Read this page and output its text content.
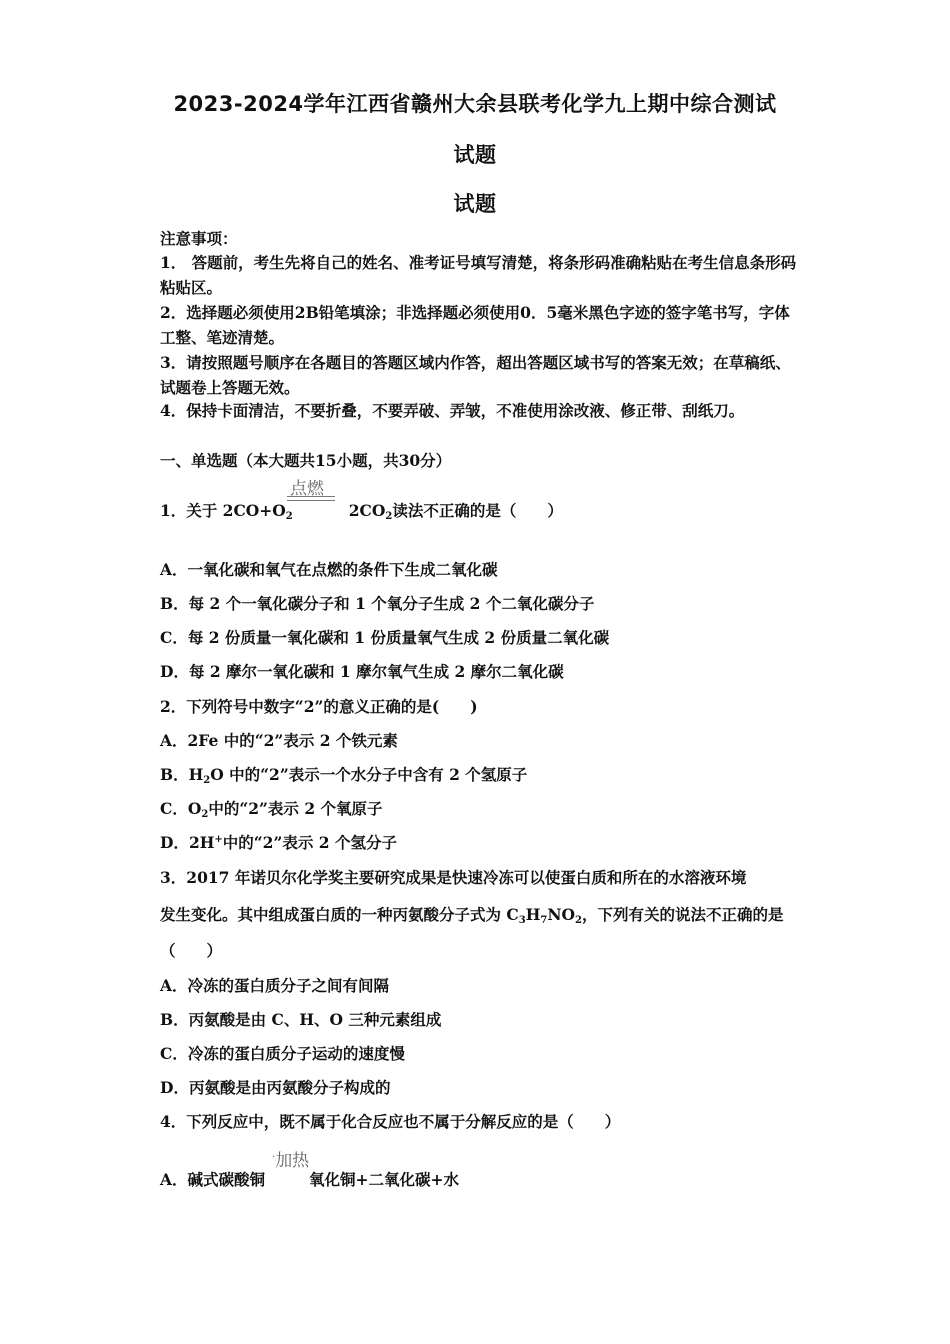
2023-2024学年江西省赣州大余县联考化学九上期中综合测试
试题
试题
注意事项：
1． 答题前，考生先将自己的姓名、准考证号填写清楚，将条形码准确粘贴在考生信息条形码粘贴区。
2．选择题必须使用2B铅笔填涂；非选择题必须使用0．5毫米黑色字迹的签字笔书写，字体工整、笔迹清楚。
3．请按照题号顺序在各题目的答题区域内作答，超出答题区域书写的答案无效；在草稿纸、试题卷上答题无效。
4．保持卡面清洁，不要折叠，不要弄破、弄皱，不准使用涂改液、修正带、刮纸刀。
一、单选题（本大题共15小题，共30分）
点燃
1．关于 $2CO+O_2$	$2CO_2$读法不正确的是（　　）
A．一氧化碳和氧气在点燃的条件下生成二氧化碳
B．每 2 个一氧化碳分子和 1 个氧分子生成 2 个二氧化碳分子
C．每 2 份质量一氧化碳和 1 份质量氧气生成 2 份质量二氧化碳
D．每 2 摩尔一氧化碳和 1 摩尔氧气生成 2 摩尔二氧化碳
2．下列符号中数字“2”的意义正确的是(　　)
A．2Fe 中的“2”表示 2 个铁元素
B．$H_2O$ 中的“2”表示一个水分子中含有 2 个氢原子
C．$O_2$中的“2”表示 2 个氧原子
D．2H+中的“2”表示 2 个氢分子
3．2017 年诺贝尔化学奖主要研究成果是快速冷冻可以使蛋白质和所在的水溶液环境
发生变化。其中组成蛋白质的一种丙氨酸分子式为 $C_3H_7NO_2$，下列有关的说法不正确的是
（　　）
A．冷冻的蛋白质分子之间有间隔
B．丙氨酸是由 C、H、O 三种元素组成
C．冷冻的蛋白质分子运动的速度慢
D．丙氨酸是由丙氨酸分子构成的
4．下列反应中，既不属于化合反应也不属于分解反应的是（　　）
·加热
A．碱式碳酸铜	氧化铜+二氧化碳+水
